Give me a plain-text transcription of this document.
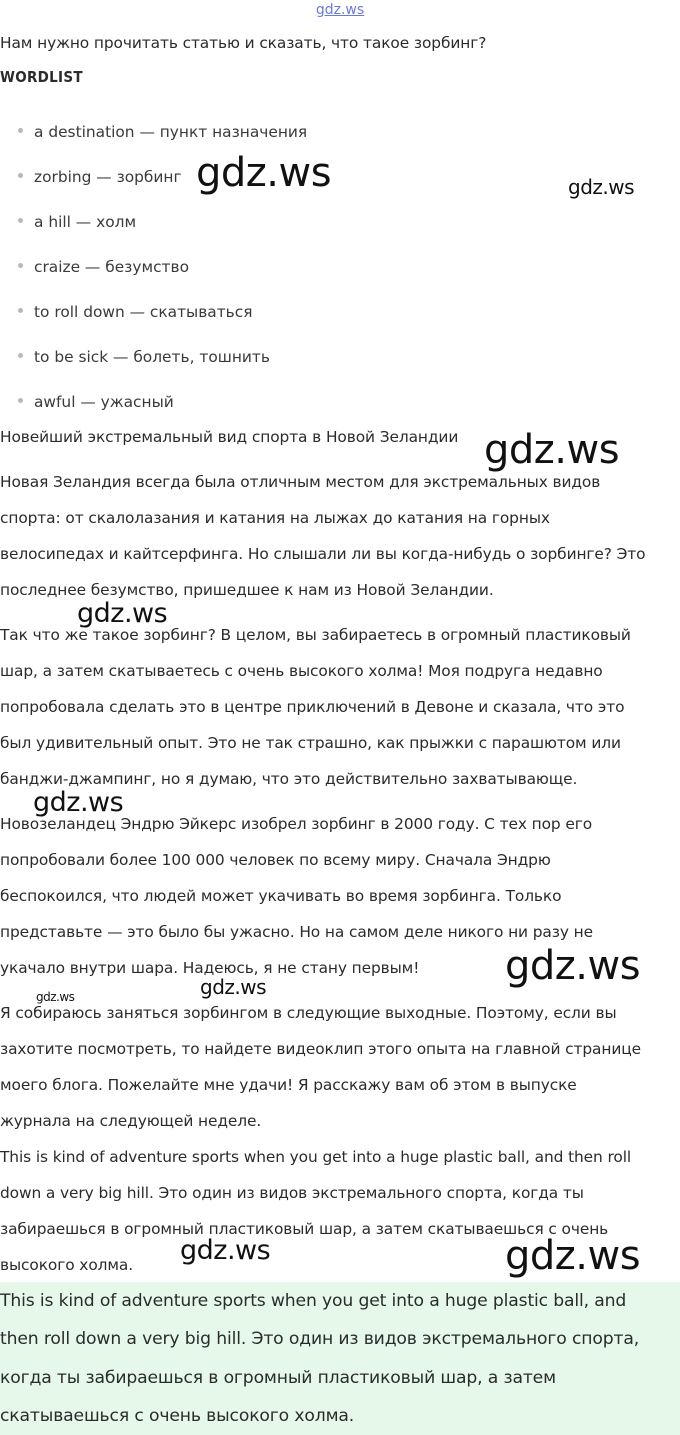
gdz.ws
Нам нужно прочитать статью и сказать, что такое зорбинг?
WORDLIST
a destination — пункт назначения
zorbing — зорбинг
a hill — холм
craize — безумство
to roll down — скатываться
to be sick — болеть, тошнить
awful — ужасный
Новейший экстремальный вид спорта в Новой Зеландии
Новая Зеландия всегда была отличным местом для экстремальных видов
спорта: от скалолазания и катания на лыжах до катания на горных
велосипедах и кайтсерфинга. Но слышали ли вы когда-нибудь о зорбинге? Это
последнее безумство, пришедшее к нам из Новой Зеландии.
Так что же такое зорбинг? В целом, вы забираетесь в огромный пластиковый
шар, а затем скатываетесь с очень высокого холма! Моя подруга недавно
попробовала сделать это в центре приключений в Девоне и сказала, что это
был удивительный опыт. Это не так страшно, как прыжки с парашютом или
банджи-джампинг, но я думаю, что это действительно захватывающе.
Новозеландец Эндрю Эйкерс изобрел зорбинг в 2000 году. С тех пор его
попробовали более 100 000 человек по всему миру. Сначала Эндрю
беспокоился, что людей может укачивать во время зорбинга. Только
представьте — это было бы ужасно. Но на самом деле никого ни разу не
укачало внутри шара. Надеюсь, я не стану первым!
Я собираюсь заняться зорбингом в следующие выходные. Поэтому, если вы
захотите посмотреть, то найдете видеоклип этого опыта на главной странице
моего блога. Пожелайте мне удачи! Я расскажу вам об этом в выпуске
журнала на следующей неделе.
This is kind of adventure sports when you get into a huge plastic ball, and then roll
down a very big hill. Это один из видов экстремального спорта, когда ты
забираешься в огромный пластиковый шар, а затем скатываешься с очень
высокого холма.
This is kind of adventure sports when you get into a huge plastic ball, and
then roll down a very big hill. Это один из видов экстремального спорта,
когда ты забираешься в огромный пластиковый шар, а затем
скатываешься с очень высокого холма.
gdz.ws	gdz.ws
gdz.ws
gdz.ws
gdz.ws
gdz.ws
gdz.ws
gdz.ws
gdz.ws	gdz.ws
